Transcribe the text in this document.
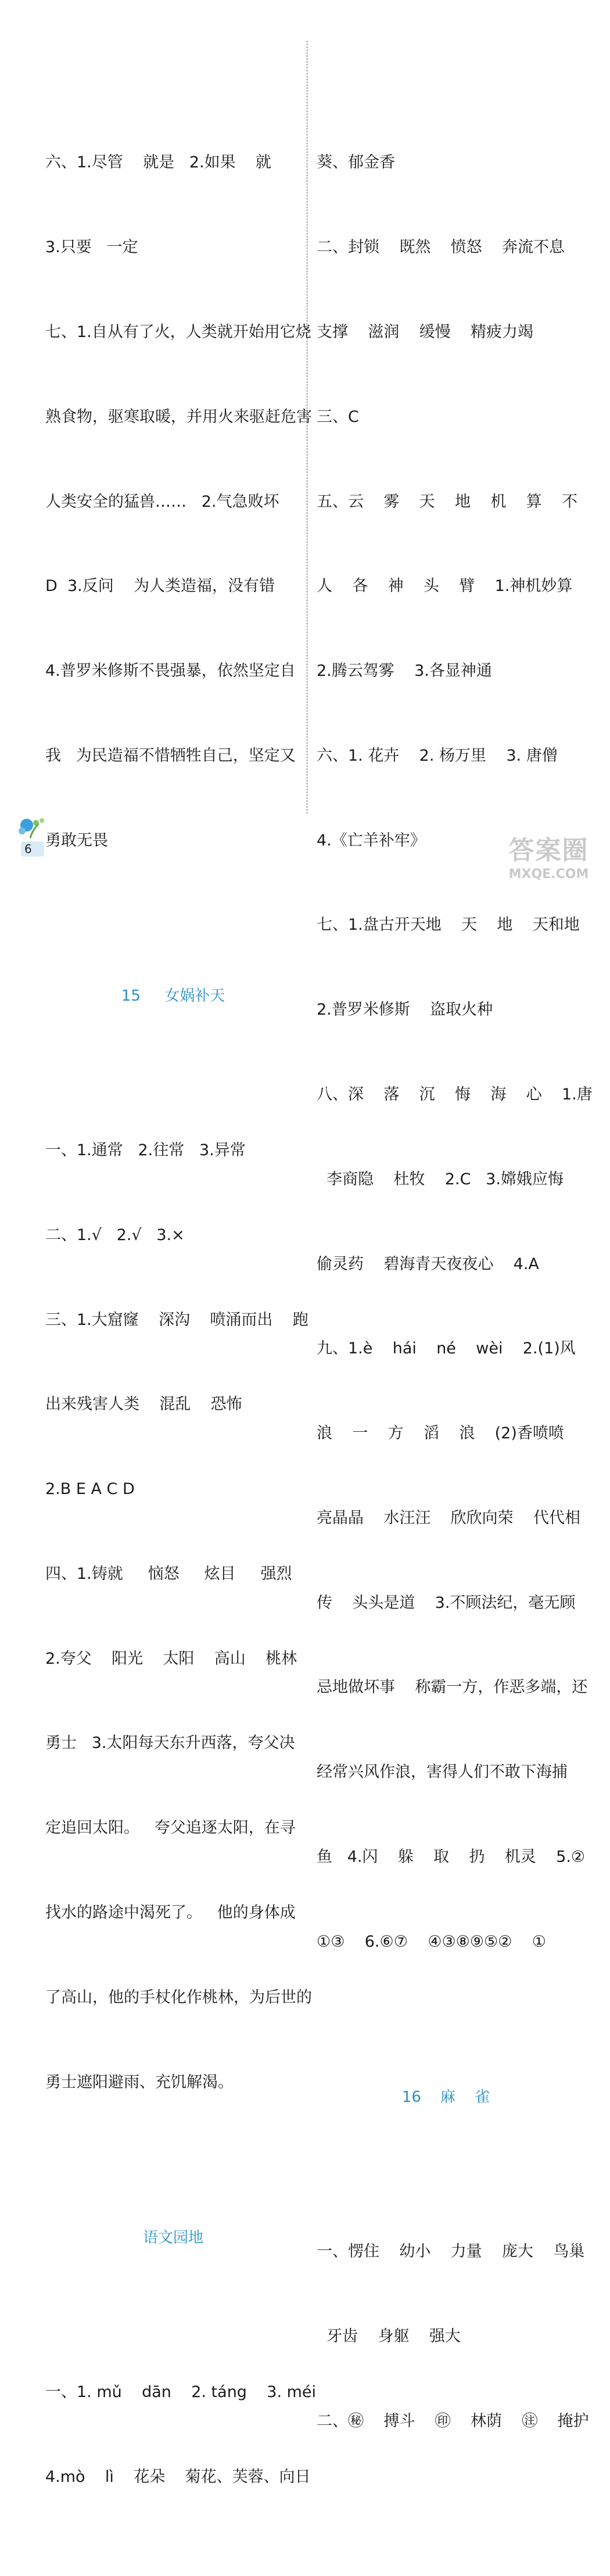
六、1.尽管    就是   2.如果    就

3.只要   一定

七、1.自从有了火，人类就开始用它烧

熟食物，驱寒取暖，并用火来驱赶危害

人类安全的猛兽……   2.气急败坏

D  3.反问    为人类造福，没有错

4.普罗米修斯不畏强暴，依然坚定自

我   为民造福不惜牺牲自己，坚定又

勇敢无畏

15     女娲补天

一、1.通常   2.往常   3.异常

二、1.√   2.√   3.×

三、1.大窟窿    深沟    喷涌而出    跑

出来残害人类    混乱    恐怖

2.B E A C D

四、1.铸就     恼怒     炫目     强烈

2.夸父    阳光    太阳    高山    桃林

勇士   3.太阳每天东升西落，夸父决

定追回太阳。   夸父追逐太阳，在寻

找水的路途中渴死了。   他的身体成

了高山，他的手杖化作桃林，为后世的

勇士遮阳避雨、充饥解渴。

语文园地

一、1. mǔ    dān    2. táng    3. méi

4.mò    lì    花朵    菊花、芙蓉、向日

葵、郁金香

二、封锁    既然    愤怒    奔流不息

支撑    滋润    缓慢    精疲力竭

三、C

五、云    雾    天    地    机    算    不

人    各    神    头    臂    1.神机妙算

2.腾云驾雾    3.各显神通

六、1. 花卉    2. 杨万里    3. 唐僧

4.《亡羊补牢》

七、1.盘古开天地    天    地    天和地

2.普罗米修斯    盗取火种

八、深    落    沉    悔    海    心    1.唐

李商隐    杜牧    2.C   3.嫦娥应悔

偷灵药    碧海青天夜夜心    4.A

九、1.è    hái    né    wèi    2.(1)风

浪    一    方    滔    浪    (2)香喷喷

亮晶晶    水汪汪    欣欣向荣    代代相

传    头头是道    3.不顾法纪，毫无顾

忌地做坏事    称霸一方，作恶多端，还

经常兴风作浪，害得人们不敢下海捕

鱼   4.闪    躲    取    扔    机灵    5.②

①③    6.⑥⑦    ④③⑧⑨⑤②    ①

16    麻    雀

一、愣住    幼小    力量    庞大    鸟巢

牙齿    身躯    强大

二、㊙    搏斗    ㊞    林荫    ㊟    掩护

6	答案圈
MXQE.COM
